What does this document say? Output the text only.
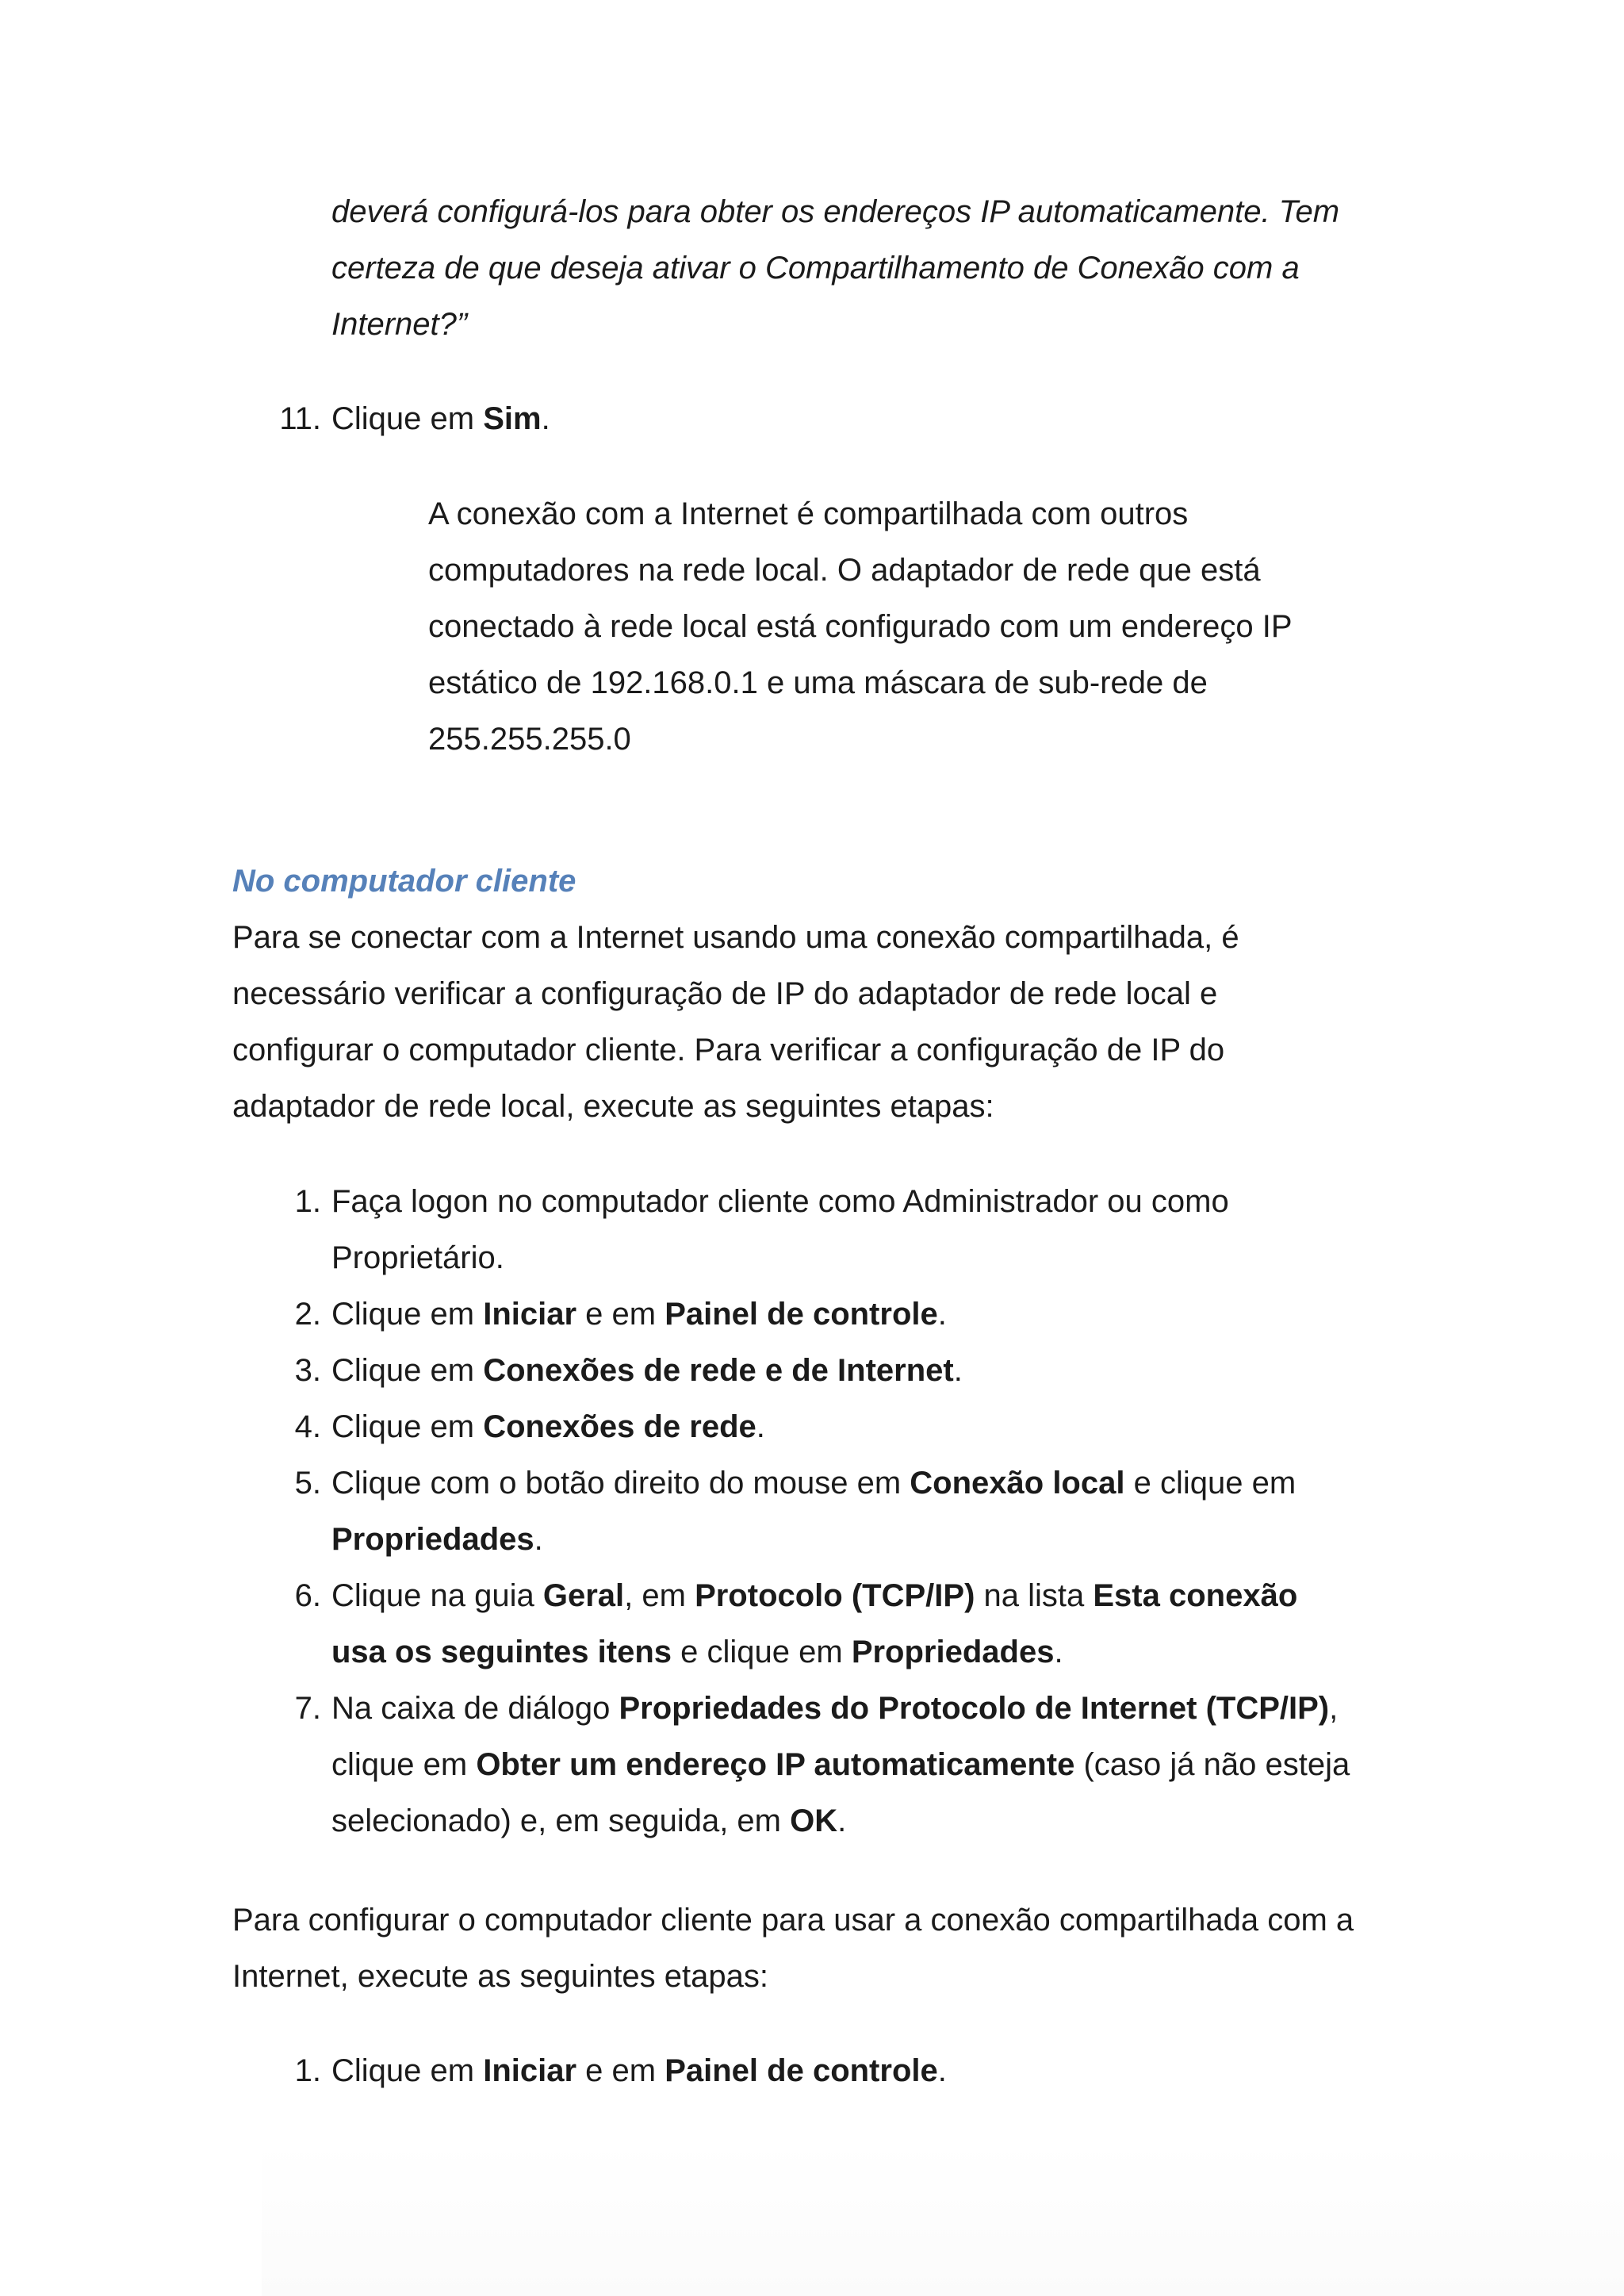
deverá configurá-los para obter os endereços IP automaticamente. Tem

certeza de que deseja ativar o Compartilhamento de Conexão com a

Internet?”

11. Clique em Sim.

A conexão com a Internet é compartilhada com outros

computadores na rede local. O adaptador de rede que está

conectado à rede local está configurado com um endereço IP

estático de 192.168.0.1 e uma máscara de sub-rede de

255.255.255.0

No computador cliente

Para se conectar com a Internet usando uma conexão compartilhada, é

necessário verificar a configuração de IP do adaptador de rede local e

configurar o computador cliente. Para verificar a configuração de IP do

adaptador de rede local, execute as seguintes etapas:

1. Faça logon no computador cliente como Administrador ou como

Proprietário.

2. Clique em Iniciar e em Painel de controle.

3. Clique em Conexões de rede e de Internet.

4. Clique em Conexões de rede.

5. Clique com o botão direito do mouse em Conexão local e clique em

Propriedades.

6. Clique na guia Geral, em Protocolo (TCP/IP) na lista Esta conexão

usa os seguintes itens e clique em Propriedades.

7. Na caixa de diálogo Propriedades do Protocolo de Internet (TCP/IP),

clique em Obter um endereço IP automaticamente (caso já não esteja

selecionado) e, em seguida, em OK.

Para configurar o computador cliente para usar a conexão compartilhada com a

Internet, execute as seguintes etapas:

1. Clique em Iniciar e em Painel de controle.
